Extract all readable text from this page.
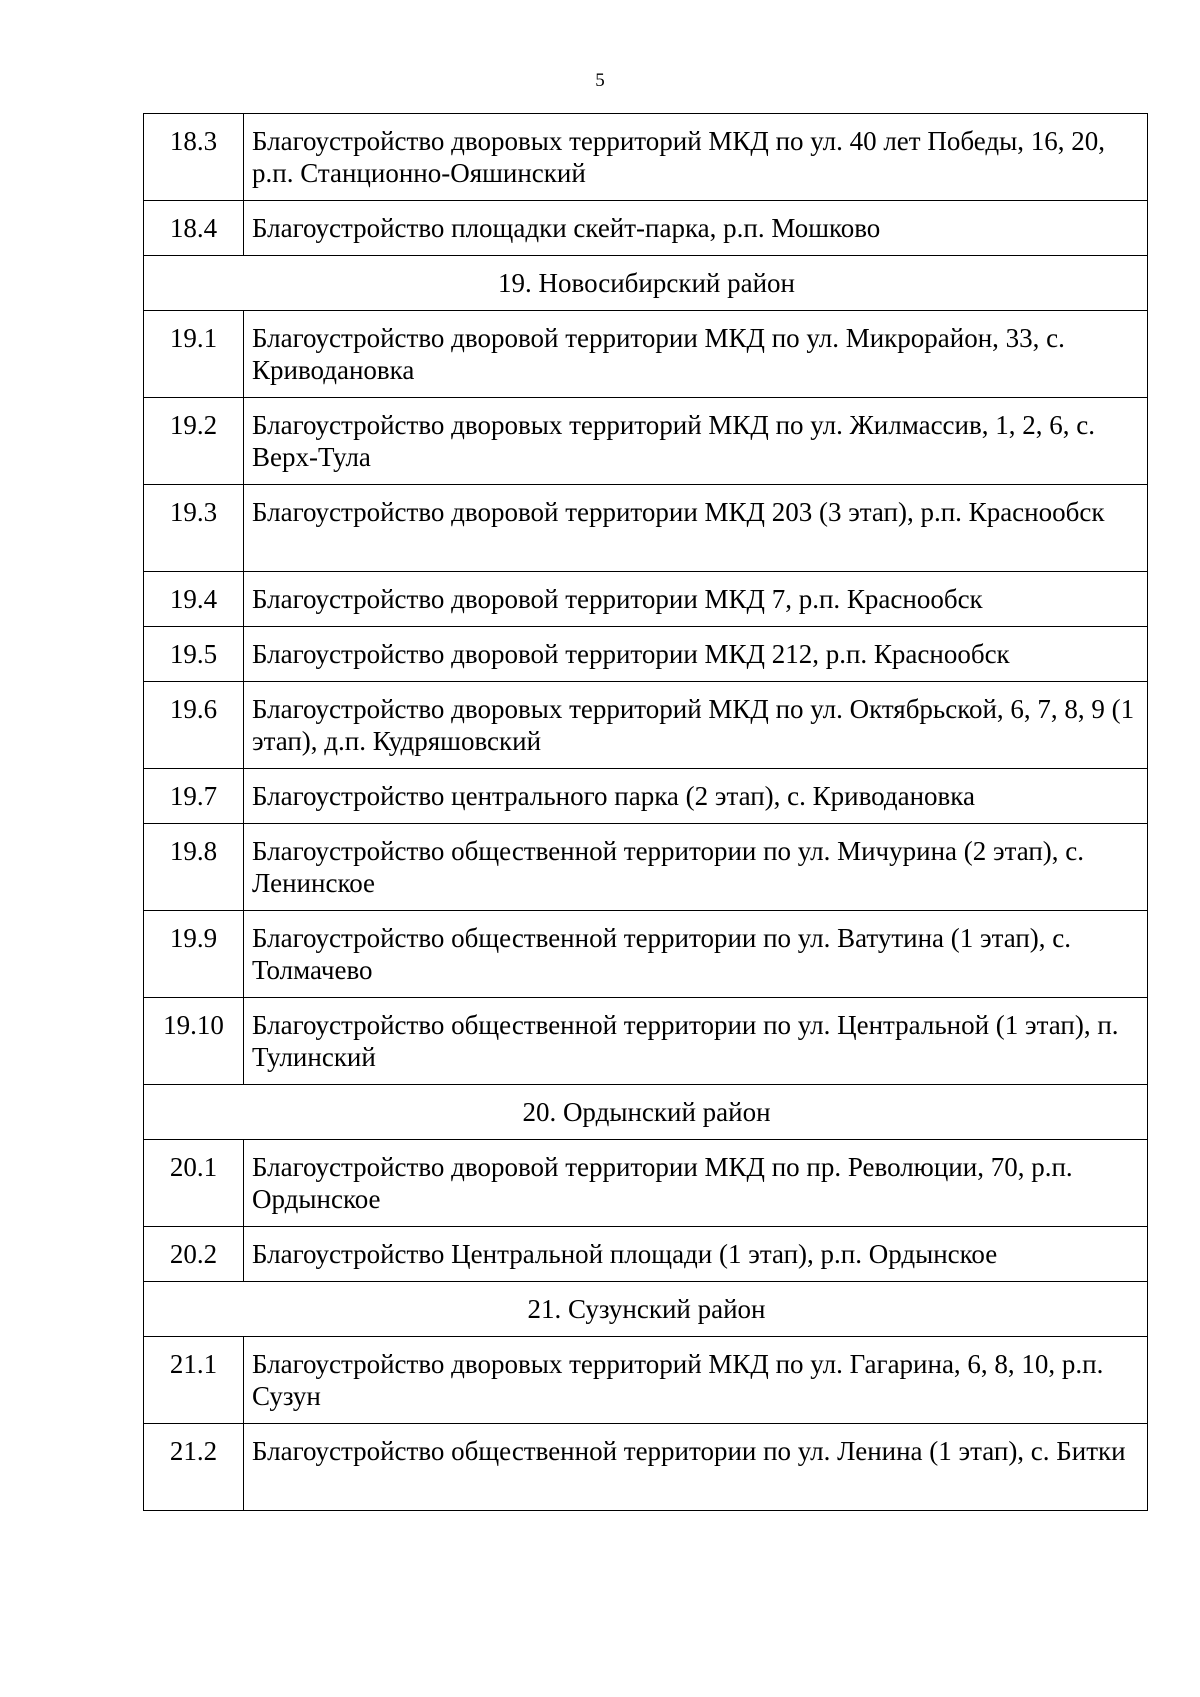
5
18.3	Благоустройство дворовых территорий МКД по ул. 40 лет Победы, 16, 20, р.п. Станционно-Ояшинский
18.4	Благоустройство площадки скейт-парка, р.п. Мошково
19. Новосибирский район	
19.1	Благоустройство дворовой территории МКД по ул. Микрорайон, 33, с. Криводановка
19.2	Благоустройство дворовых территорий МКД по ул. Жилмассив, 1, 2, 6, с. Верх-Тула
19.3	Благоустройство дворовой территории МКД 203 (3 этап), р.п. Краснообск
19.4	Благоустройство дворовой территории МКД 7, р.п. Краснообск
19.5	Благоустройство дворовой территории МКД 212, р.п. Краснообск
19.6	Благоустройство дворовых территорий МКД по ул. Октябрьской, 6, 7, 8, 9 (1 этап), д.п. Кудряшовский
19.7	Благоустройство центрального парка (2 этап), с. Криводановка
19.8	Благоустройство общественной территории по ул. Мичурина (2 этап), с. Ленинское
19.9	Благоустройство общественной территории по ул. Ватутина (1 этап), с. Толмачево
19.10	Благоустройство общественной территории по ул. Центральной (1 этап), п. Тулинский
20. Ордынский район	
20.1	Благоустройство дворовой территории МКД по пр. Революции, 70, р.п. Ордынское
20.2	Благоустройство Центральной площади (1 этап), р.п. Ордынское
21. Сузунский район	
21.1	Благоустройство дворовых территорий МКД по ул. Гагарина, 6, 8, 10, р.п. Сузун
21.2	Благоустройство общественной территории по ул. Ленина (1 этап), с. Битки
